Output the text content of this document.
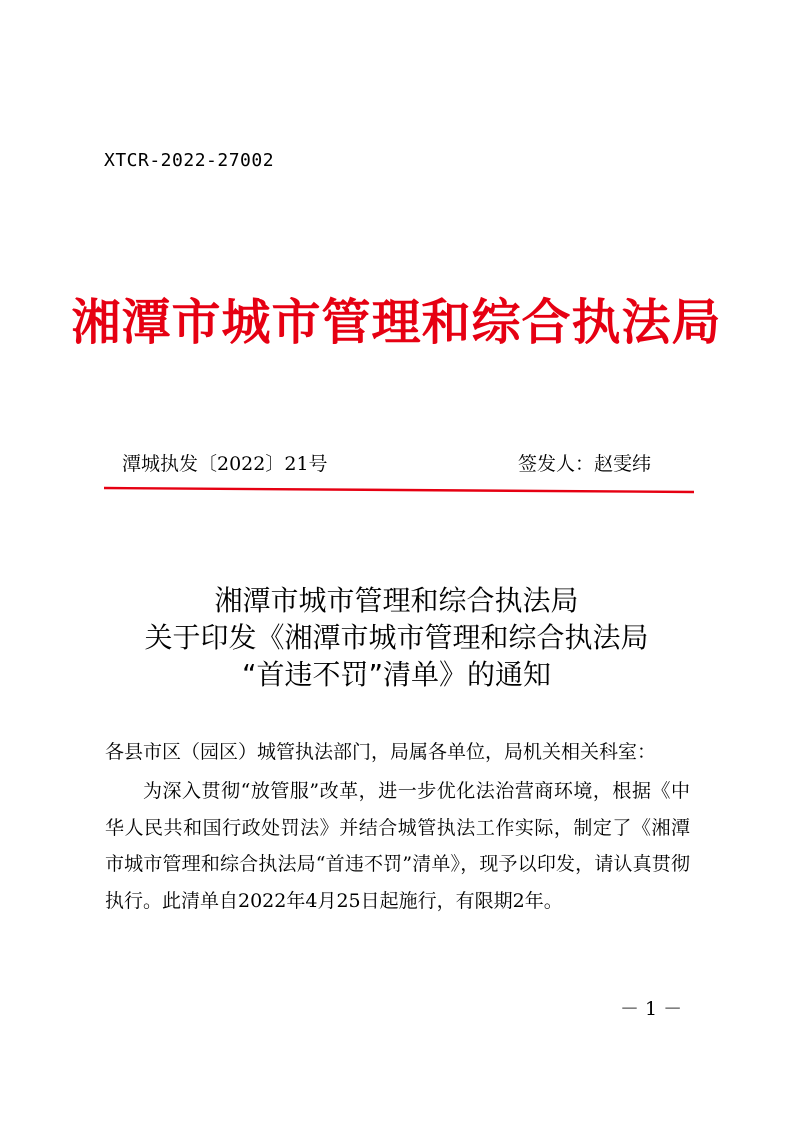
XTCR-2022-27002
湘潭市城市管理和综合执法局
潭城执发〔2022〕21号	签发人：赵雯纬
湘潭市城市管理和综合执法局
关于印发《湘潭市城市管理和综合执法局
“首违不罚”清单》的通知
各县市区（园区）城管执法部门，局属各单位，局机关相关科室：

为深入贯彻“放管服”改革，进一步优化法治营商环境，根据《中华人民共和国行政处罚法》并结合城管执法工作实际，制定了《湘潭市城市管理和综合执法局“首违不罚”清单》，现予以印发，请认真贯彻执行。此清单自2022年4月25日起施行，有限期2年。

－ 1 －
